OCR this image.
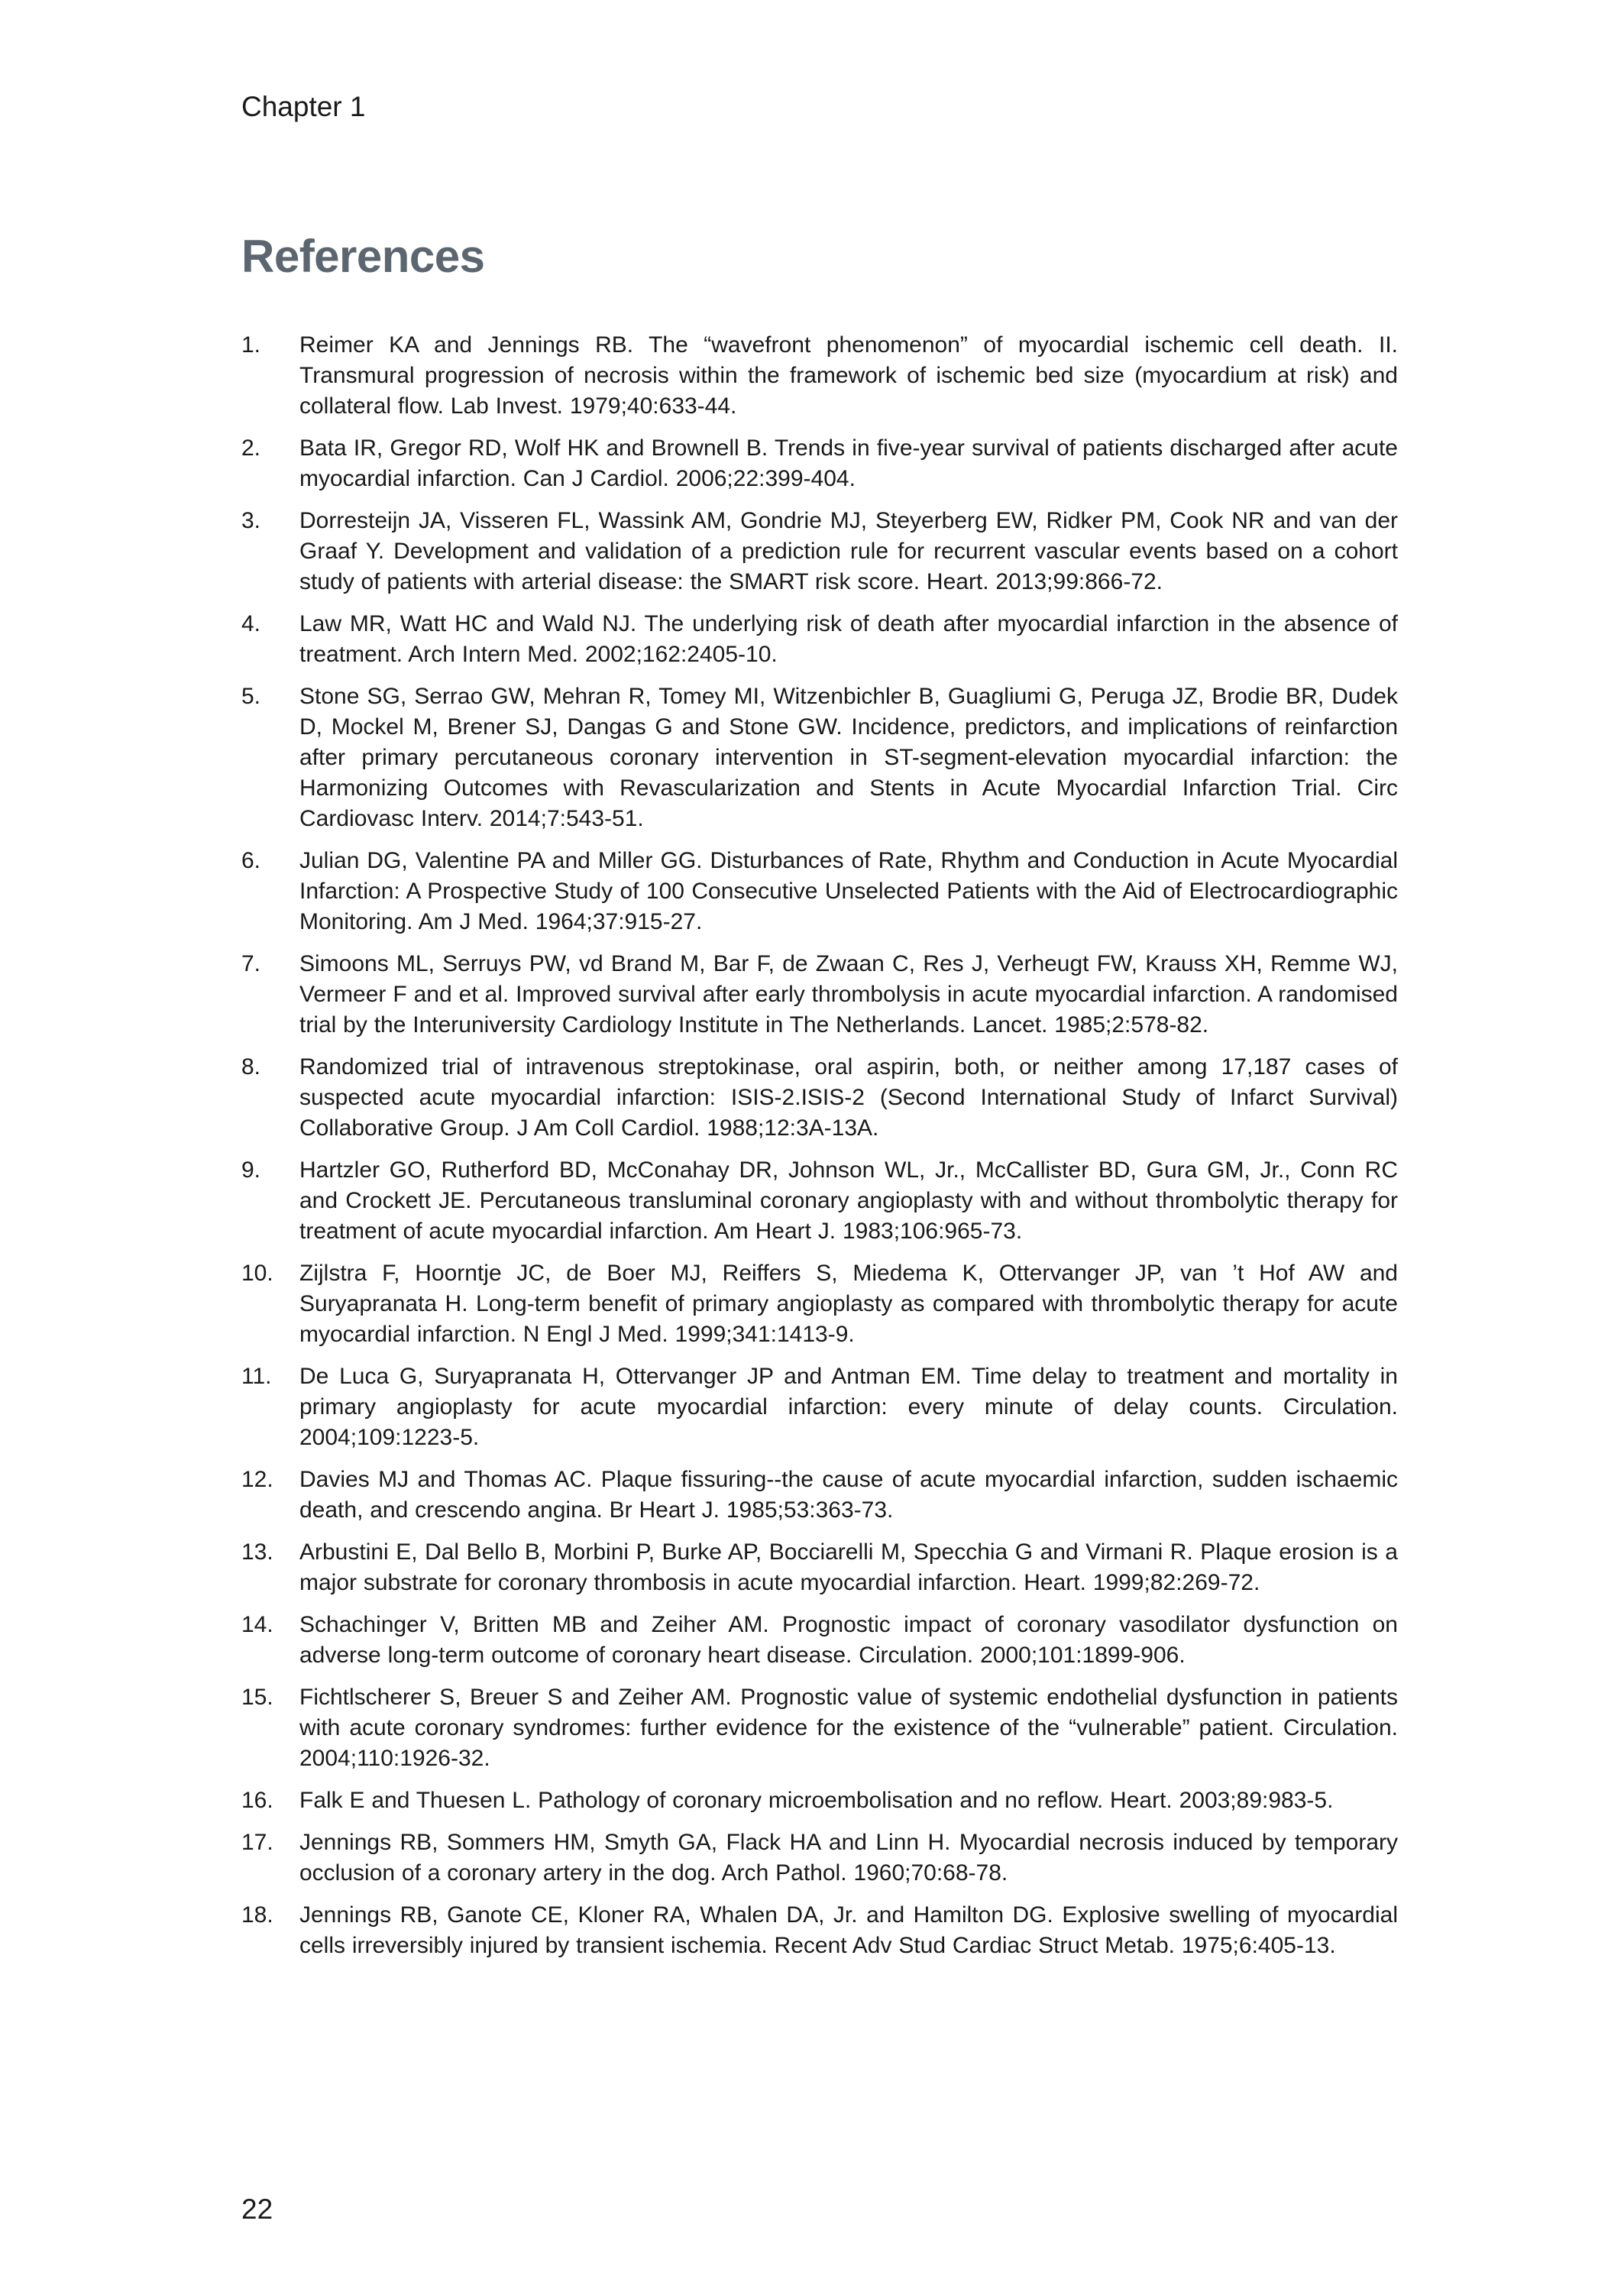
Chapter 1
References
1.	Reimer KA and Jennings RB. The “wavefront phenomenon” of myocardial ischemic cell death. II. Transmural progression of necrosis within the framework of ischemic bed size (myocardium at risk) and collateral flow. Lab Invest. 1979;40:633-44.
2.	Bata IR, Gregor RD, Wolf HK and Brownell B. Trends in five-year survival of patients discharged after acute myocardial infarction. Can J Cardiol. 2006;22:399-404.
3.	Dorresteijn JA, Visseren FL, Wassink AM, Gondrie MJ, Steyerberg EW, Ridker PM, Cook NR and van der Graaf Y. Development and validation of a prediction rule for recurrent vascular events based on a cohort study of patients with arterial disease: the SMART risk score. Heart. 2013;99:866-72.
4.	Law MR, Watt HC and Wald NJ. The underlying risk of death after myocardial infarction in the absence of treatment. Arch Intern Med. 2002;162:2405-10.
5.	Stone SG, Serrao GW, Mehran R, Tomey MI, Witzenbichler B, Guagliumi G, Peruga JZ, Brodie BR, Dudek D, Mockel M, Brener SJ, Dangas G and Stone GW. Incidence, predictors, and implications of reinfarction after primary percutaneous coronary intervention in ST-segment-elevation myocardial infarction: the Harmonizing Outcomes with Revascularization and Stents in Acute Myocardial Infarction Trial. Circ Cardiovasc Interv. 2014;7:543-51.
6.	Julian DG, Valentine PA and Miller GG. Disturbances of Rate, Rhythm and Conduction in Acute Myocardial Infarction: A Prospective Study of 100 Consecutive Unselected Patients with the Aid of Electrocardiographic Monitoring. Am J Med. 1964;37:915-27.
7.	Simoons ML, Serruys PW, vd Brand M, Bar F, de Zwaan C, Res J, Verheugt FW, Krauss XH, Remme WJ, Vermeer F and et al. Improved survival after early thrombolysis in acute myocardial infarction. A randomised trial by the Interuniversity Cardiology Institute in The Netherlands. Lancet. 1985;2:578-82.
8.	Randomized trial of intravenous streptokinase, oral aspirin, both, or neither among 17,187 cases of suspected acute myocardial infarction: ISIS-2.ISIS-2 (Second International Study of Infarct Survival) Collaborative Group. J Am Coll Cardiol. 1988;12:3A-13A.
9.	Hartzler GO, Rutherford BD, McConahay DR, Johnson WL, Jr., McCallister BD, Gura GM, Jr., Conn RC and Crockett JE. Percutaneous transluminal coronary angioplasty with and without thrombolytic therapy for treatment of acute myocardial infarction. Am Heart J. 1983;106:965-73.
10.	Zijlstra F, Hoorntje JC, de Boer MJ, Reiffers S, Miedema K, Ottervanger JP, van ’t Hof AW and Suryapranata H. Long-term benefit of primary angioplasty as compared with thrombolytic therapy for acute myocardial infarction. N Engl J Med. 1999;341:1413-9.
11.	De Luca G, Suryapranata H, Ottervanger JP and Antman EM. Time delay to treatment and mortality in primary angioplasty for acute myocardial infarction: every minute of delay counts. Circulation. 2004;109:1223-5.
12.	Davies MJ and Thomas AC. Plaque fissuring--the cause of acute myocardial infarction, sudden ischaemic death, and crescendo angina. Br Heart J. 1985;53:363-73.
13.	Arbustini E, Dal Bello B, Morbini P, Burke AP, Bocciarelli M, Specchia G and Virmani R. Plaque erosion is a major substrate for coronary thrombosis in acute myocardial infarction. Heart. 1999;82:269-72.
14.	Schachinger V, Britten MB and Zeiher AM. Prognostic impact of coronary vasodilator dysfunction on adverse long-term outcome of coronary heart disease. Circulation. 2000;101:1899-906.
15.	Fichtlscherer S, Breuer S and Zeiher AM. Prognostic value of systemic endothelial dysfunction in patients with acute coronary syndromes: further evidence for the existence of the “vulnerable” patient. Circulation. 2004;110:1926-32.
16.	Falk E and Thuesen L. Pathology of coronary microembolisation and no reflow. Heart. 2003;89:983-5.
17.	Jennings RB, Sommers HM, Smyth GA, Flack HA and Linn H. Myocardial necrosis induced by temporary occlusion of a coronary artery in the dog. Arch Pathol. 1960;70:68-78.
18.	Jennings RB, Ganote CE, Kloner RA, Whalen DA, Jr. and Hamilton DG. Explosive swelling of myocardial cells irreversibly injured by transient ischemia. Recent Adv Stud Cardiac Struct Metab. 1975;6:405-13.
22
